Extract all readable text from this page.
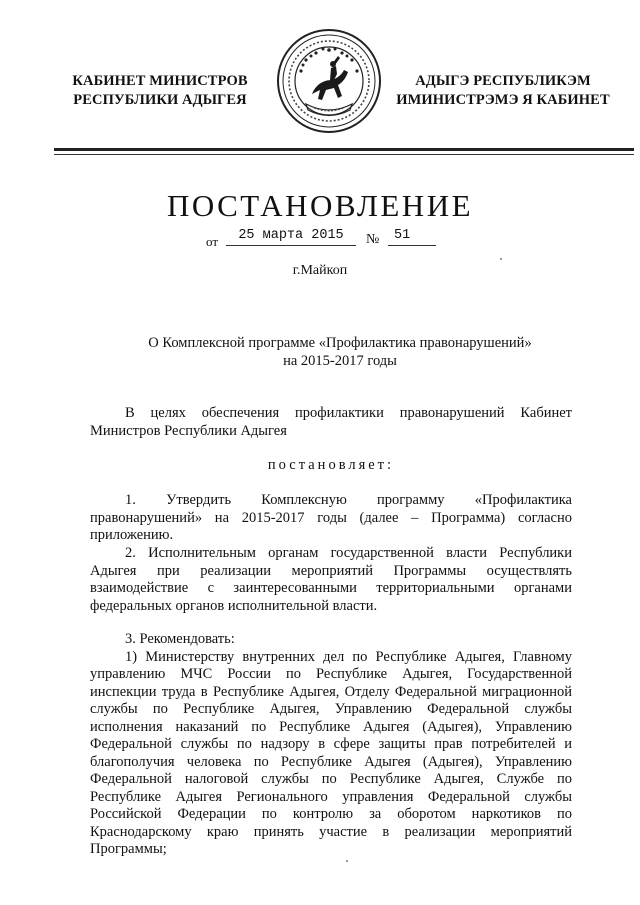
КАБИНЕТ МИНИСТРОВ
РЕСПУБЛИКИ АДЫГЕЯ
АДЫГЭ РЕСПУБЛИКЭМ
ИМИНИСТРЭМЭ Я КАБИНЕТ
ПОСТАНОВЛЕНИЕ
от	25 марта 2015	№	51
г.Майкоп
О Комплексной программе «Профилактика правонарушений»
на 2015-2017 годы

В целях обеспечения профилактики правонарушений Кабинет Министров Республики Адыгея

постановляет:

1. Утвердить Комплексную программу «Профилактика правонарушений» на 2015-2017 годы (далее – Программа) согласно приложению.

2. Исполнительным органам государственной власти Республики Адыгея при реализации мероприятий Программы осуществлять взаимодействие с заинтересованными территориальными органами федеральных органов исполнительной власти.

3. Рекомендовать:

1) Министерству внутренних дел по Республике Адыгея, Главному управлению МЧС России по Республике Адыгея, Государственной инспекции труда в Республике Адыгея, Отделу Федеральной миграционной службы по Республике Адыгея, Управлению Федеральной службы исполнения наказаний по Республике Адыгея (Адыгея), Управлению Федеральной службы по надзору в сфере защиты прав потребителей и благополучия человека по Республике Адыгея (Адыгея), Управлению Федеральной налоговой службы по Республике Адыгея, Службе по Республике Адыгея Регионального управления Федеральной службы Российской Федерации по контролю за оборотом наркотиков по Краснодарскому краю принять участие в реализации мероприятий Программы;
